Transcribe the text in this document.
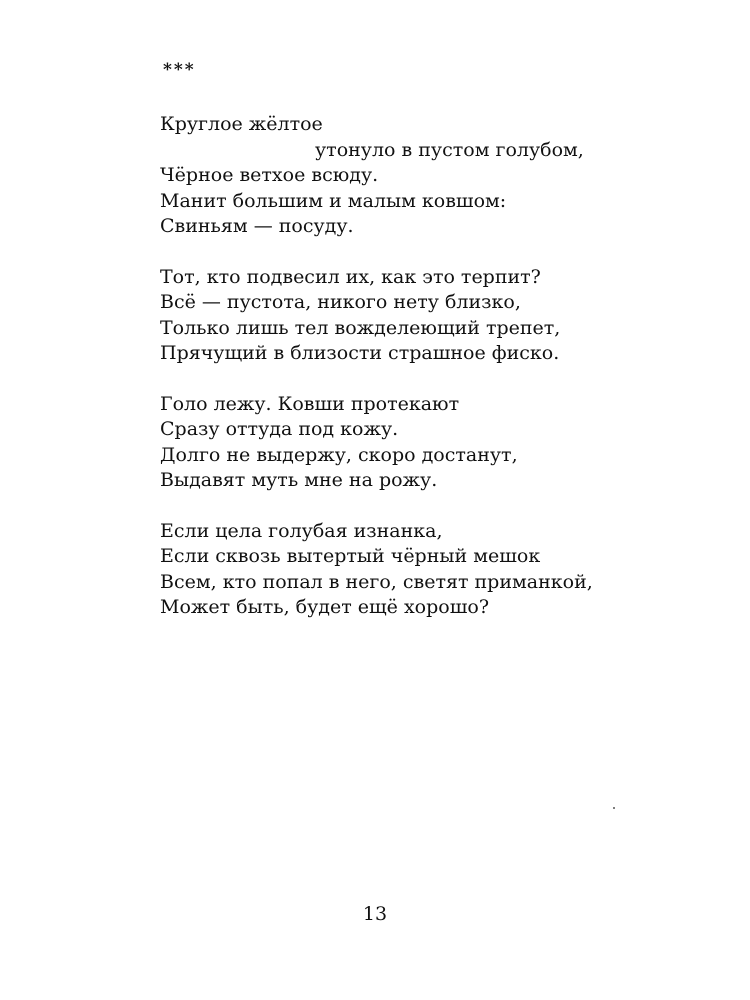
***

Круглое жёлтое
утонуло в пустом голубом,
Чёрное ветхое всюду.
Манит большим и малым ковшом:
Свиньям — посуду.
Тот, кто подвесил их, как это терпит?
Всё — пустота, никого нету близко,
Только лишь тел вожделеющий трепет,
Прячущий в близости страшное фиско.
Голо лежу. Ковши протекают
Сразу оттуда под кожу.
Долго не выдержу, скоро достанут,
Выдавят муть мне на рожу.
Если цела голубая изнанка,
Если сквозь вытертый чёрный мешок
Всем, кто попал в него, светят приманкой,
Может быть, будет ещё хорошо?

13
